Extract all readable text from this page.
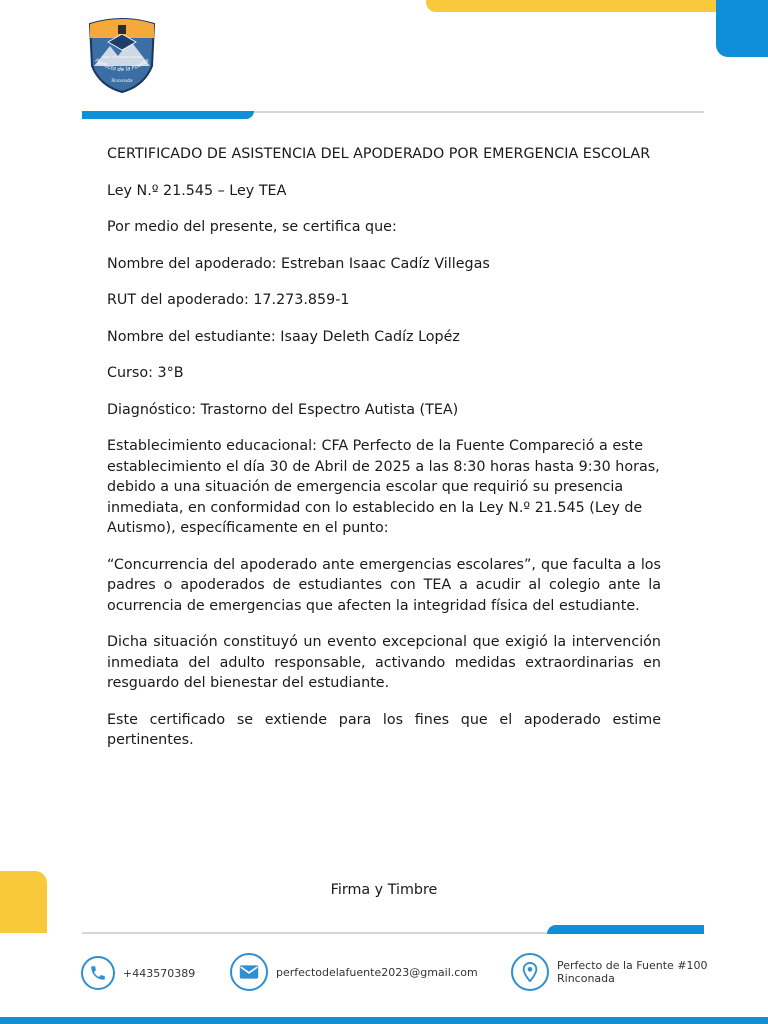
Perfecto de la Fuente
Rinconada
Centro de Formación Adultos

CERTIFICADO DE ASISTENCIA DEL APODERADO POR EMERGENCIA ESCOLAR

Ley N.º 21.545 – Ley TEA

Por medio del presente, se certifica que:

Nombre del apoderado: Estreban Isaac Cadíz Villegas

RUT del apoderado: 17.273.859-1

Nombre del estudiante: Isaay Deleth Cadíz Lopéz

Curso: 3°B

Diagnóstico: Trastorno del Espectro Autista (TEA)

Establecimiento educacional: CFA Perfecto de la Fuente Compareció a este establecimiento el día 30 de Abril de 2025 a las 8:30 horas hasta 9:30 horas, debido a una situación de emergencia escolar que requirió su presencia inmediata, en conformidad con lo establecido en la Ley N.º 21.545 (Ley de Autismo), específicamente en el punto:

“Concurrencia del apoderado ante emergencias escolares”, que faculta a los padres o apoderados de estudiantes con TEA a acudir al colegio ante la ocurrencia de emergencias que afecten la integridad física del estudiante.

Dicha situación constituyó un evento excepcional que exigió la intervención inmediata del adulto responsable, activando medidas extraordinarias en resguardo del bienestar del estudiante.

Este certificado se extiende para los fines que el apoderado estime pertinentes.

Firma y Timbre
+443570389	perfectodelafuente2023@gmail.com	Perfecto de la Fuente #100
Rinconada
